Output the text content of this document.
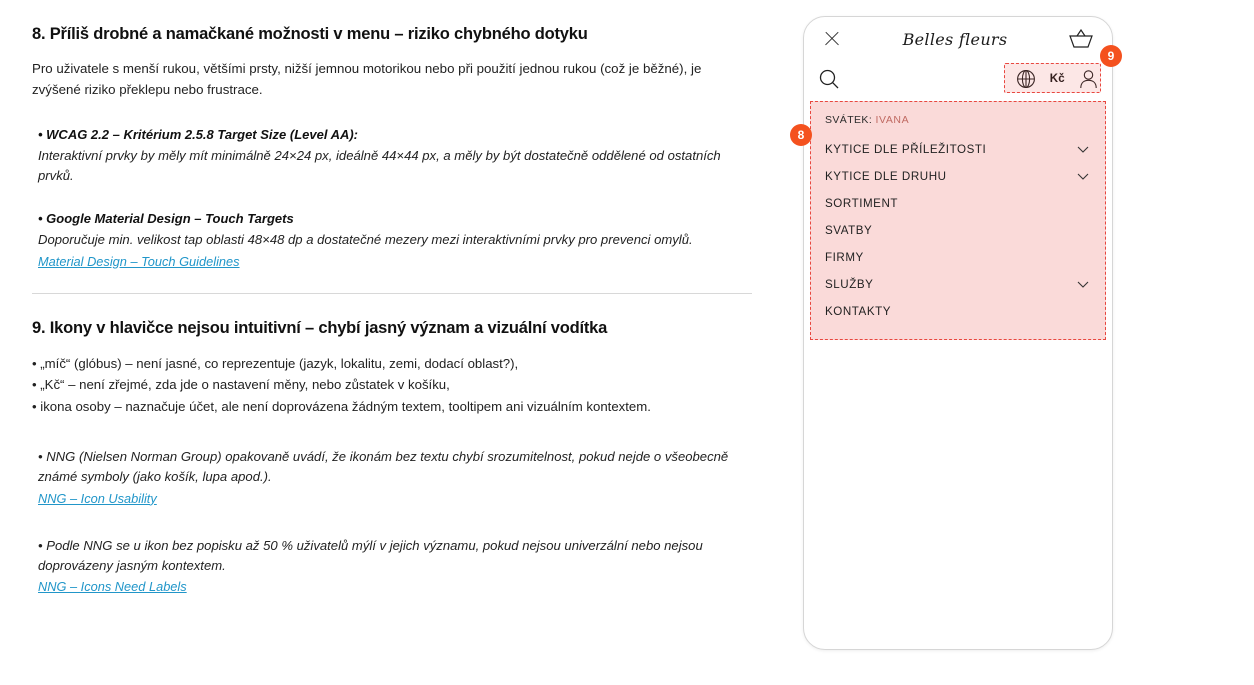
8. Příliš drobné a namačkané možnosti v menu – riziko chybného dotyku

Pro uživatele s menší rukou, většími prsty, nižší jemnou motorikou nebo při použití jednou rukou (což je běžné), je zvýšené riziko překlepu nebo frustrace.

• WCAG 2.2 – Kritérium 2.5.8 Target Size (Level AA):
Interaktivní prvky by měly mít minimálně 24×24 px, ideálně 44×44 px, a měly by být dostatečně oddělené od ostatních prvků.
• Google Material Design – Touch Targets
Doporučuje min. velikost tap oblasti 48×48 dp a dostatečné mezery mezi interaktivními prvky pro prevenci omylů.
Material Design – Touch Guidelines
9. Ikony v hlavičce nejsou intuitivní – chybí jasný význam a vizuální vodítka
• „míč“ (glóbus) – není jasné, co reprezentuje (jazyk, lokalitu, zemi, dodací oblast?),
• „Kč“ – není zřejmé, zda jde o nastavení měny, nebo zůstatek v košíku,
• ikona osoby – naznačuje účet, ale není doprovázena žádným textem, tooltipem ani vizuálním kontextem.
• NNG (Nielsen Norman Group) opakovaně uvádí, že ikonám bez textu chybí srozumitelnost, pokud nejde o všeobecně známé symboly (jako košík, lupa apod.).
NNG – Icon Usability
• Podle NNG se u ikon bez popisku až 50 % uživatelů mýlí v jejich významu, pokud nejsou univerzální nebo nejsou doprovázeny jasným kontextem.
NNG – Icons Need Labels
Belles fleurs
Kč
SVÁTEK: IVANA
KYTICE DLE PŘÍLEŽITOSTI
KYTICE DLE DRUHU
SORTIMENT
SVATBY
FIRMY
SLUŽBY
KONTAKTY
8
9
